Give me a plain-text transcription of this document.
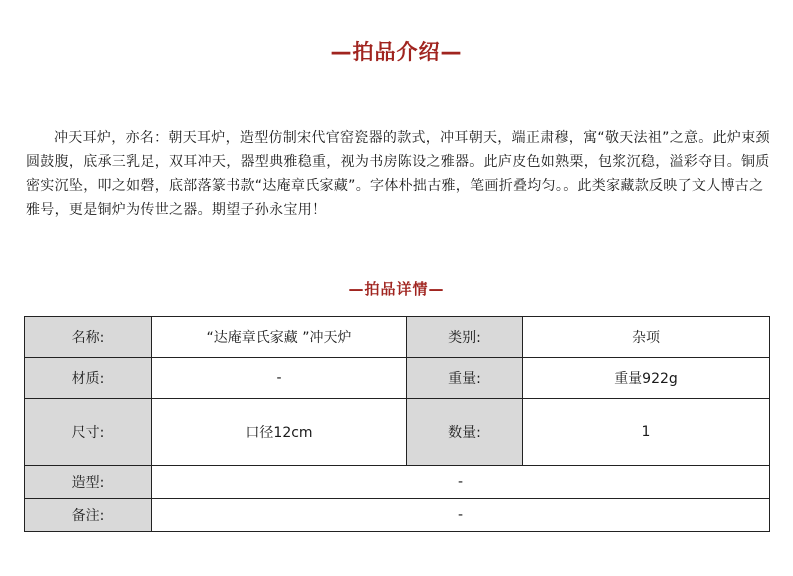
—拍品介绍—

冲天耳炉，亦名：朝天耳炉，造型仿制宋代官窑瓷器的款式，冲耳朝天，端正肃穆，寓“敬天法祖”之意。此炉束颈圆鼓腹，底承三乳足，双耳冲天，器型典雅稳重，视为书房陈设之雅器。此庐皮色如熟栗，包浆沉稳，溢彩夺目。铜质密实沉坠，叩之如磬，底部落篆书款“达庵章氏家藏”。字体朴拙古雅，笔画折叠均匀。。此类家藏款反映了文人博古之雅号，更是铜炉为传世之器。期望子孙永宝用！

—拍品详情—
名称:	“达庵章氏家藏 ”冲天炉	类别:	杂项
材质:	-	重量:	重量922g
尺寸:	口径12cm	数量:	1
造型:	-		
备注:	-		
